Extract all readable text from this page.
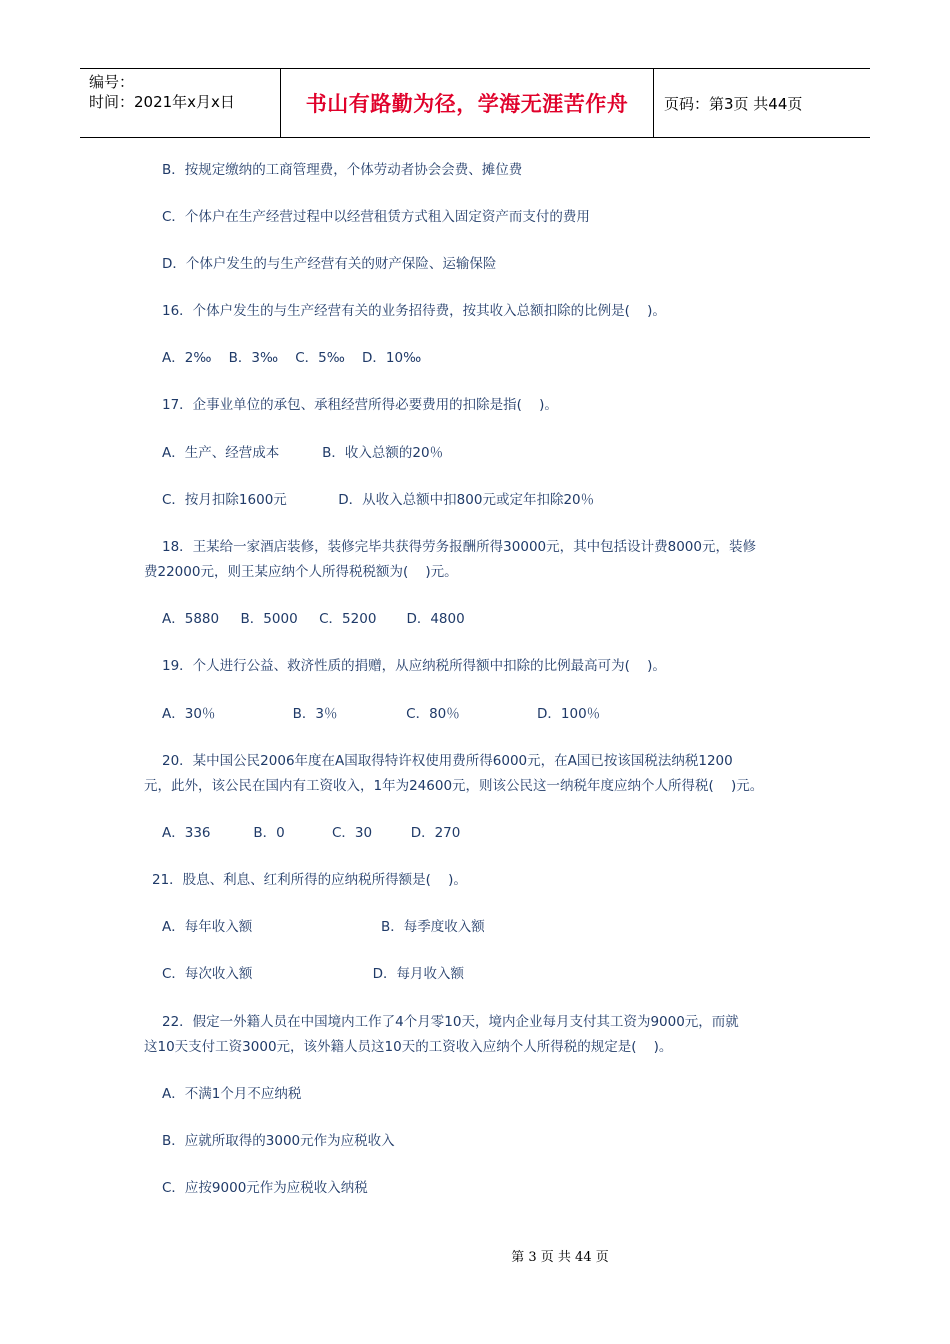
编号：
时间：2021年x月x日	书山有路勤为径，学海无涯苦作舟 页码：第3页 共44页
B．按规定缴纳的工商管理费，个体劳动者协会会费、摊位费
C．个体户在生产经营过程中以经营租赁方式租入固定资产而支付的费用
D．个体户发生的与生产经营有关的财产保险、运输保险
16．个体户发生的与生产经营有关的业务招待费，按其收入总额扣除的比例是(    )。
A．2‰    B．3‰    C．5‰    D．10‰
17．企事业单位的承包、承租经营所得必要费用的扣除是指(    )。
A．生产、经营成本          B．收入总额的20％
C．按月扣除1600元            D．从收入总额中扣800元或定年扣除20％
18．王某给一家酒店装修，装修完毕共获得劳务报酬所得30000元，其中包括设计费8000元，装修
费22000元，则王某应纳个人所得税税额为(    )元。
A．5880     B．5000     C．5200       D．4800
19．个人进行公益、救济性质的捐赠，从应纳税所得额中扣除的比例最高可为(    )。
A．30％                  B．3％                C．80％                  D．100％
20．某中国公民2006年度在A国取得特许权使用费所得6000元，在A国已按该国税法纳税1200
元，此外，该公民在国内有工资收入，1年为24600元，则该公民这一纳税年度应纳个人所得税(    )元。
A．336          B．0           C．30         D．270
21．股息、利息、红利所得的应纳税所得额是(    )。
A．每年收入额                              B．每季度收入额
C．每次收入额                            D．每月收入额
22．假定一外籍人员在中国境内工作了4个月零10天，境内企业每月支付其工资为9000元，而就
这10天支付工资3000元，该外籍人员这10天的工资收入应纳个人所得税的规定是(    )。
A．不满1个月不应纳税
B．应就所取得的3000元作为应税收入
C．应按9000元作为应税收入纳税
第 3 页 共 44 页
